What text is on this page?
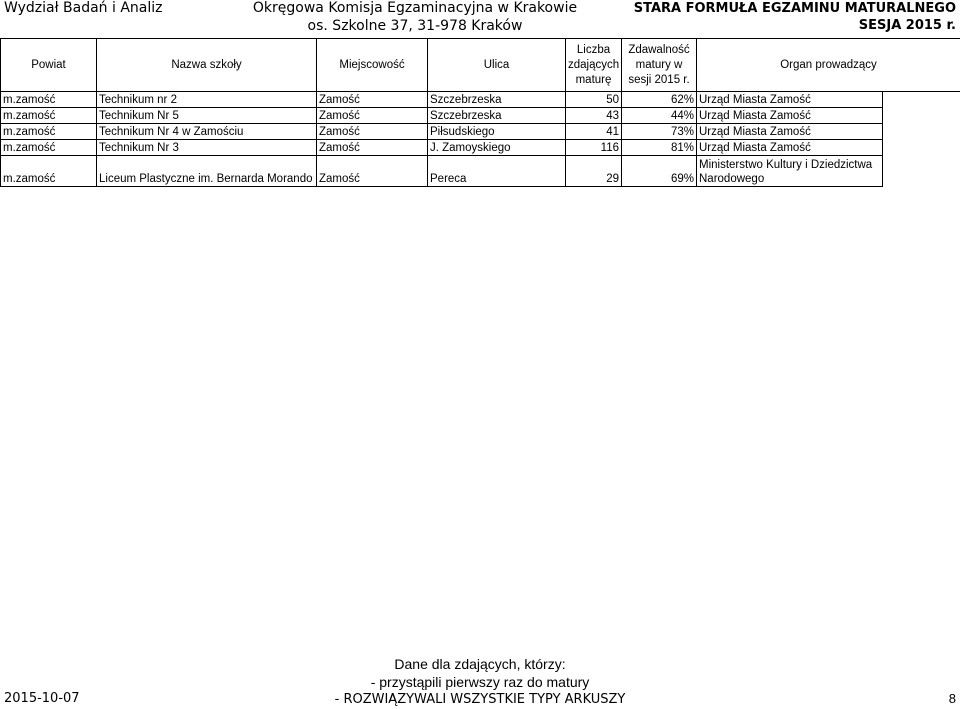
Wydział Badań i Analiz	Okręgowa Komisja Egzaminacyjna w Krakowie
os. Szkolne 37, 31-978 Kraków
STARA FORMUŁA EGZAMINU MATURALNEGO
SESJA 2015 r.
Powiat	Nazwa szkoły	Miejscowość	Ulica	Liczba zdających maturę	Zdawalność matury w sesji 2015 r.	Organ prowadzący	
m.zamość	Technikum nr 2	Zamość	Szczebrzeska	50	62%	Urząd Miasta Zamość	
m.zamość	Technikum Nr 5	Zamość	Szczebrzeska	43	44%	Urząd Miasta Zamość	
m.zamość	Technikum Nr 4 w Zamościu	Zamość	Piłsudskiego	41	73%	Urząd Miasta Zamość	
m.zamość	Technikum Nr 3	Zamość	J. Zamoyskiego	116	81%	Urząd Miasta Zamość	
m.zamość	Liceum Plastyczne im. Bernarda Morando	Zamość	Pereca	29	69%	Ministerstwo Kultury i Dziedzictwa Narodowego	
Dane dla zdających, którzy:
- przystąpili pierwszy raz do matury
- ROZWIĄZYWALI WSZYSTKIE TYPY ARKUSZY
2015-10-07	8
